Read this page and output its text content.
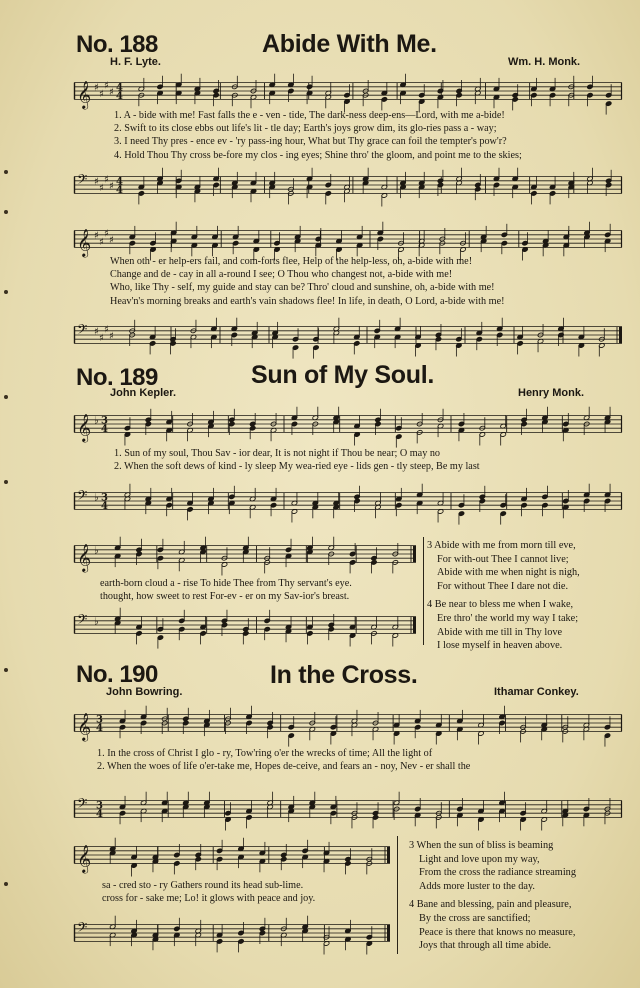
No. 188	Abide With Me.
H. F. Lyte.	Wm. H. Monk.
𝄞 ♯
♯
♯
♯ 4
4
1. A - bide with me! Fast falls the e - ven - tide, The dark-ness deep-ens—Lord, with me a-bide!
2. Swift to its close ebbs out life's lit - tle day; Earth's joys grow dim, its glo-ries pass a - way;
3. I need Thy pres - ence ev - 'ry pass-ing hour, What but Thy grace can foil the tempter's pow'r?
4. Hold Thou Thy cross be-fore my clos - ing eyes; Shine thro' the gloom, and point me to the skies;
𝄢 ♯
♯
♯
♯ 4
4
𝄞 ♯
♯
♯
♯
When oth - er help-ers fail, and com-forts flee, Help of the help-less, oh, a-bide with me!
Change and de - cay in all a-round I see; O Thou who changest not, a-bide with me!
Who, like Thy - self, my guide and stay can be? Thro' cloud and sunshine, oh, a-bide with me!
Heav'n's morning breaks and earth's vain shadows flee! In life, in death, O Lord, a-bide with me!
𝄢 ♯
♯
♯
♯
No. 189	Sun of My Soul.
John Kepler.	Henry Monk.
𝄞 ♭ 3
4
1. Sun of my soul, Thou Sav - ior dear, It is not night if Thou be near; O may no
2. When the soft dews of kind - ly sleep My wea-ried eye - lids gen - tly steep, Be my last
𝄢 ♭ 3
4
𝄞 ♭
earth-born cloud a - rise To hide Thee from Thy servant's eye.
thought, how sweet to rest For-ev - er on my Sav-ior's breast.
𝄢 ♭
3 Abide with me from morn till eve,
For with-out Thee I cannot live;
Abide with me when night is nigh,
For without Thee I dare not die.
4 Be near to bless me when I wake,
Ere thro' the world my way I take;
Abide with me till in Thy love
I lose myself in heaven above.
No. 190	In the Cross.
John Bowring.	Ithamar Conkey.
𝄞 3
4
1. In the cross of Christ I glo - ry, Tow'ring o'er the wrecks of time; All the light of
2. When the woes of life o'er-take me, Hopes de-ceive, and fears an - noy, Nev - er shall the
𝄢 3
4
𝄞
sa - cred sto - ry Gathers round its head sub-lime.
cross for - sake me; Lo! it glows with peace and joy.
𝄢
3 When the sun of bliss is beaming
Light and love upon my way,
From the cross the radiance streaming
Adds more luster to the day.
4 Bane and blessing, pain and pleasure,
By the cross are sanctified;
Peace is there that knows no measure,
Joys that through all time abide.
